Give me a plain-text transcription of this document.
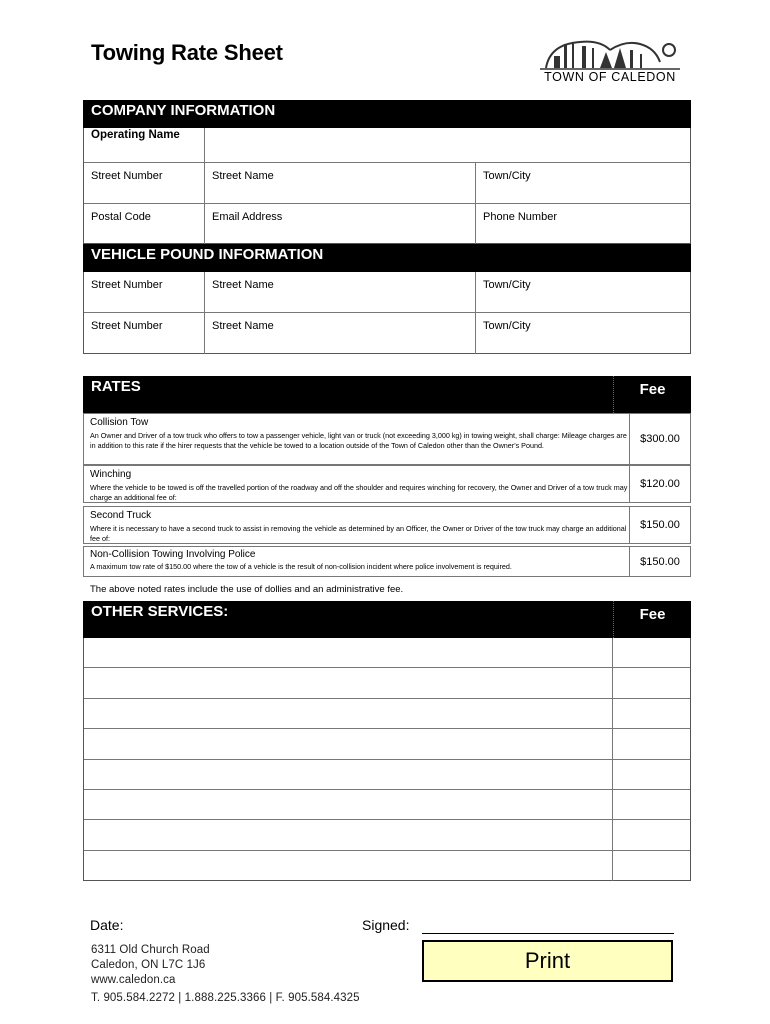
Towing Rate Sheet
TOWN OF CALEDON
COMPANY INFORMATION
Operating Name
Street Number	Street Name	Town/City
Postal Code	Email Address	Phone Number
VEHICLE POUND INFORMATION
Street Number	Street Name	Town/City
Street Number	Street Name	Town/City
RATES	Fee
Collision Tow
An Owner and Driver of a tow truck who offers to tow a passenger vehicle, light van or truck (not exceeding 3,000 kg) in towing weight, shall charge: Mileage charges are in addition to this rate if the hirer requests that the vehicle be towed to a location outside of the Town of Caledon other than the Owner's Pound.	$300.00
Winching
Where the vehicle to be towed is off the travelled portion of the roadway and off the shoulder and requires winching for recovery, the Owner and Driver of a tow truck may charge an additional fee of:
$120.00
Second Truck
Where it is necessary to have a second truck to assist in removing the vehicle as determined by an Officer, the Owner or Driver of the tow truck may charge an additional fee of:
$150.00
Non-Collision Towing Involving Police
A maximum tow rate of $150.00 where the tow of a vehicle is the result of non-collision incident where police involvement is required.	$150.00
The above noted rates include the use of dollies and an administrative fee.
OTHER SERVICES:	Fee
Date:	Signed:
6311 Old Church Road
Caledon, ON L7C 1J6
www.caledon.ca
T. 905.584.2272 | 1.888.225.3366 | F. 905.584.4325
Print
